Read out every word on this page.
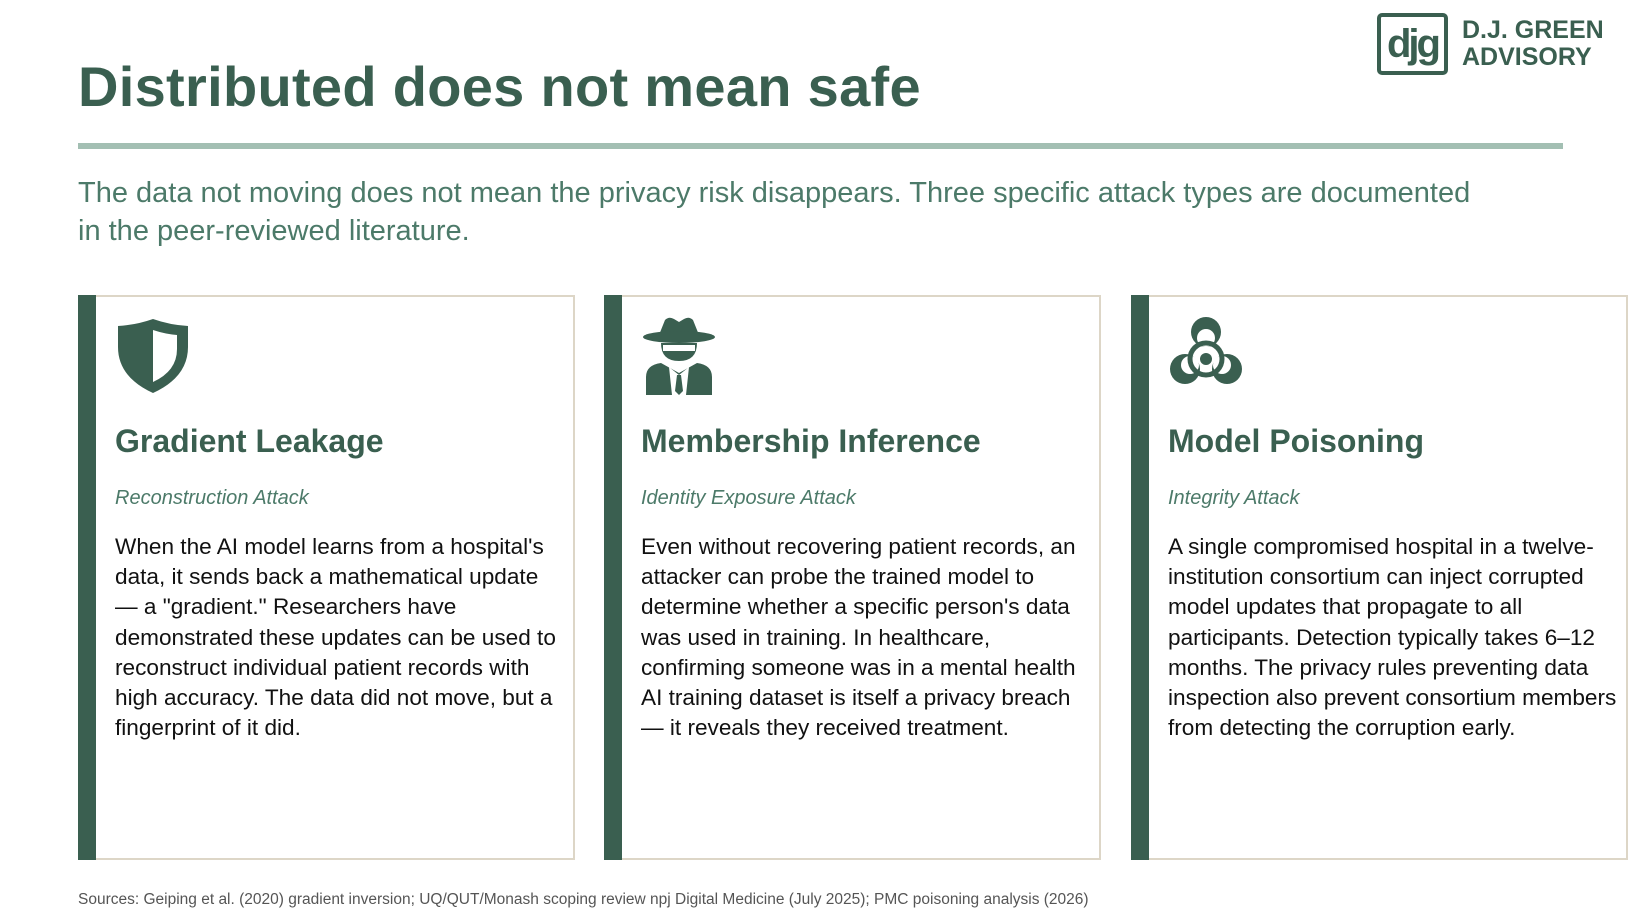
djg D.J. GREEN
ADVISORY
Distributed does not mean safe

The data not moving does not mean the privacy risk disappears. Three specific attack types are documented in the peer-reviewed literature.

Gradient Leakage

Reconstruction Attack

When the AI model learns from a hospital's data, it sends back a mathematical update — a "gradient." Researchers have demonstrated these updates can be used to reconstruct individual patient records with high accuracy. The data did not move, but a fingerprint of it did.

Membership Inference

Identity Exposure Attack

Even without recovering patient records, an attacker can probe the trained model to determine whether a specific person's data was used in training. In healthcare, confirming someone was in a mental health AI training dataset is itself a privacy breach — it reveals they received treatment.

Model Poisoning

Integrity Attack

A single compromised hospital in a twelve-institution consortium can inject corrupted model updates that propagate to all participants. Detection typically takes 6–12 months. The privacy rules preventing data inspection also prevent consortium members from detecting the corruption early.

Sources: Geiping et al. (2020) gradient inversion; UQ/QUT/Monash scoping review npj Digital Medicine (July 2025); PMC poisoning analysis (2026)
